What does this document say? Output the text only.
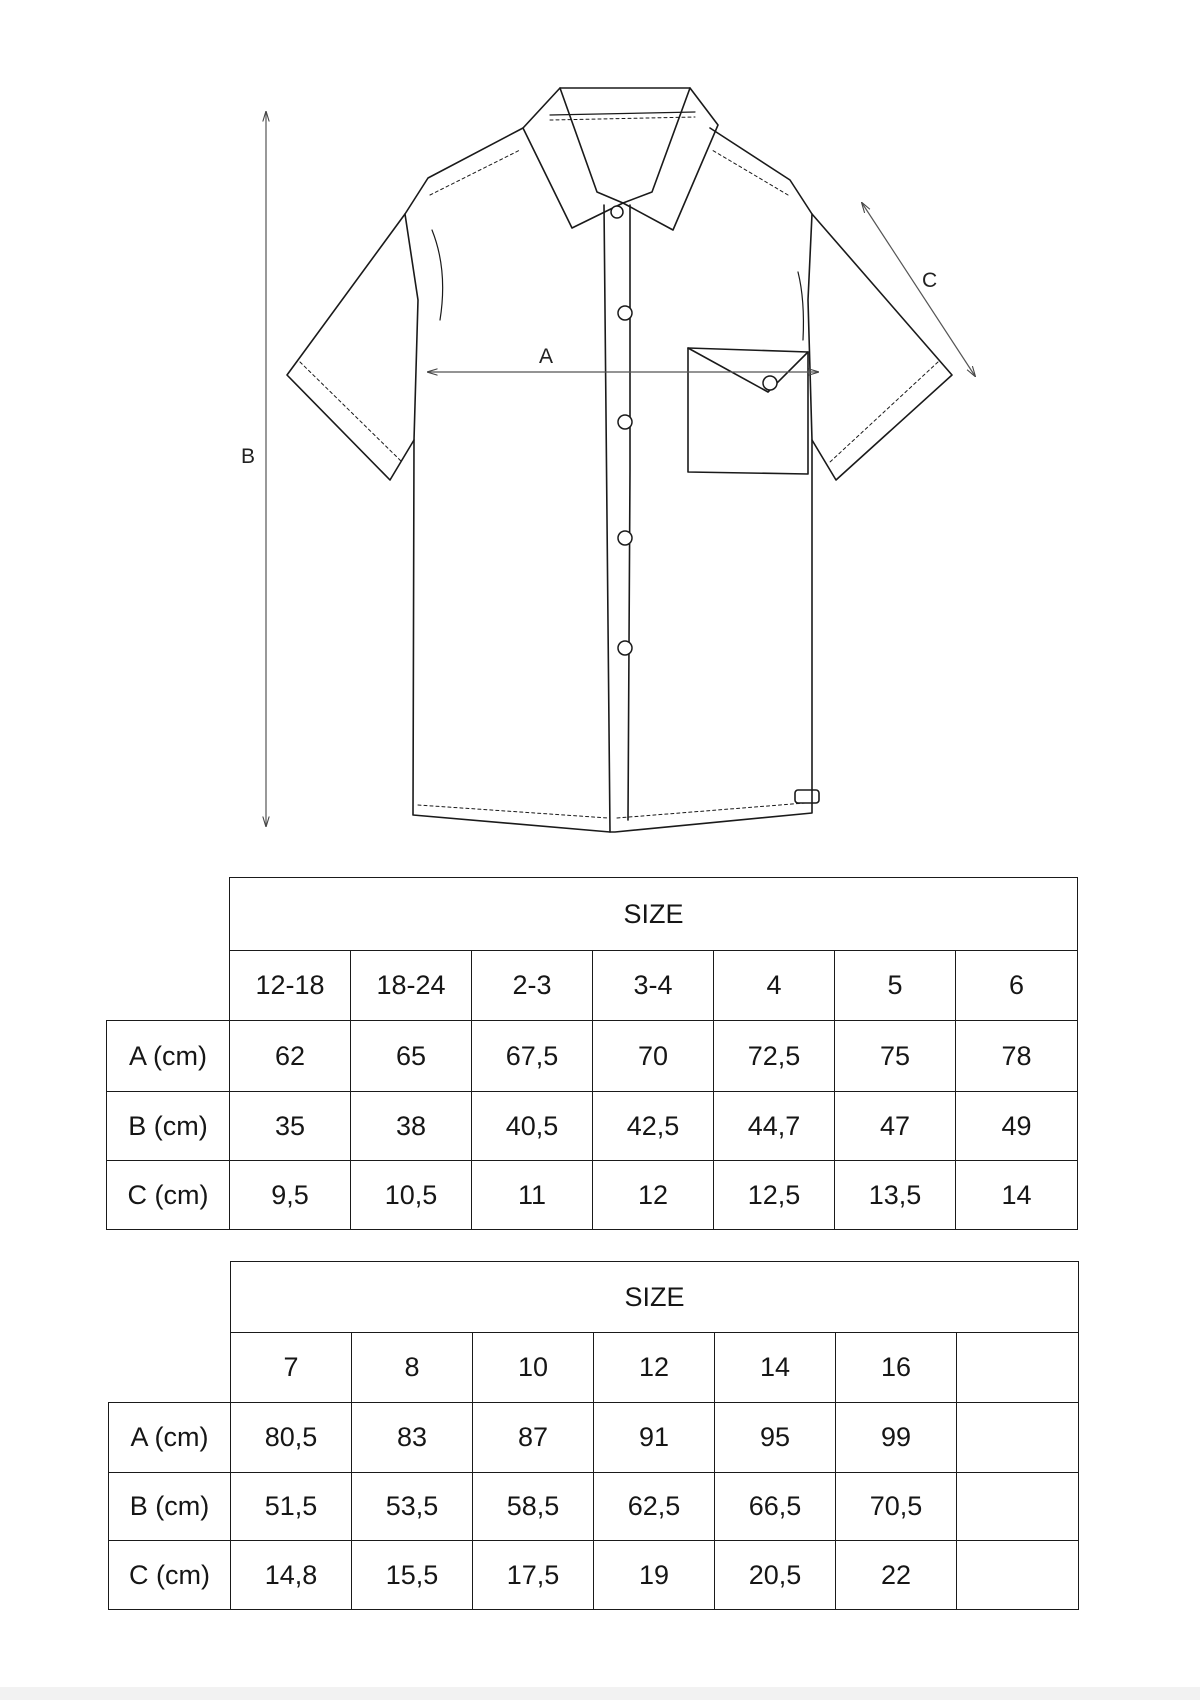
A
B
C
	SIZE						
	12-18	18-24	2-3	3-4	4	5	6
A (cm)	62	65	67,5	70	72,5	75	78
B (cm)	35	38	40,5	42,5	44,7	47	49
C (cm)	9,5	10,5	11	12	12,5	13,5	14
	SIZE						
	7	8	10	12	14	16	
A (cm)	80,5	83	87	91	95	99	
B (cm)	51,5	53,5	58,5	62,5	66,5	70,5	
C (cm)	14,8	15,5	17,5	19	20,5	22	
